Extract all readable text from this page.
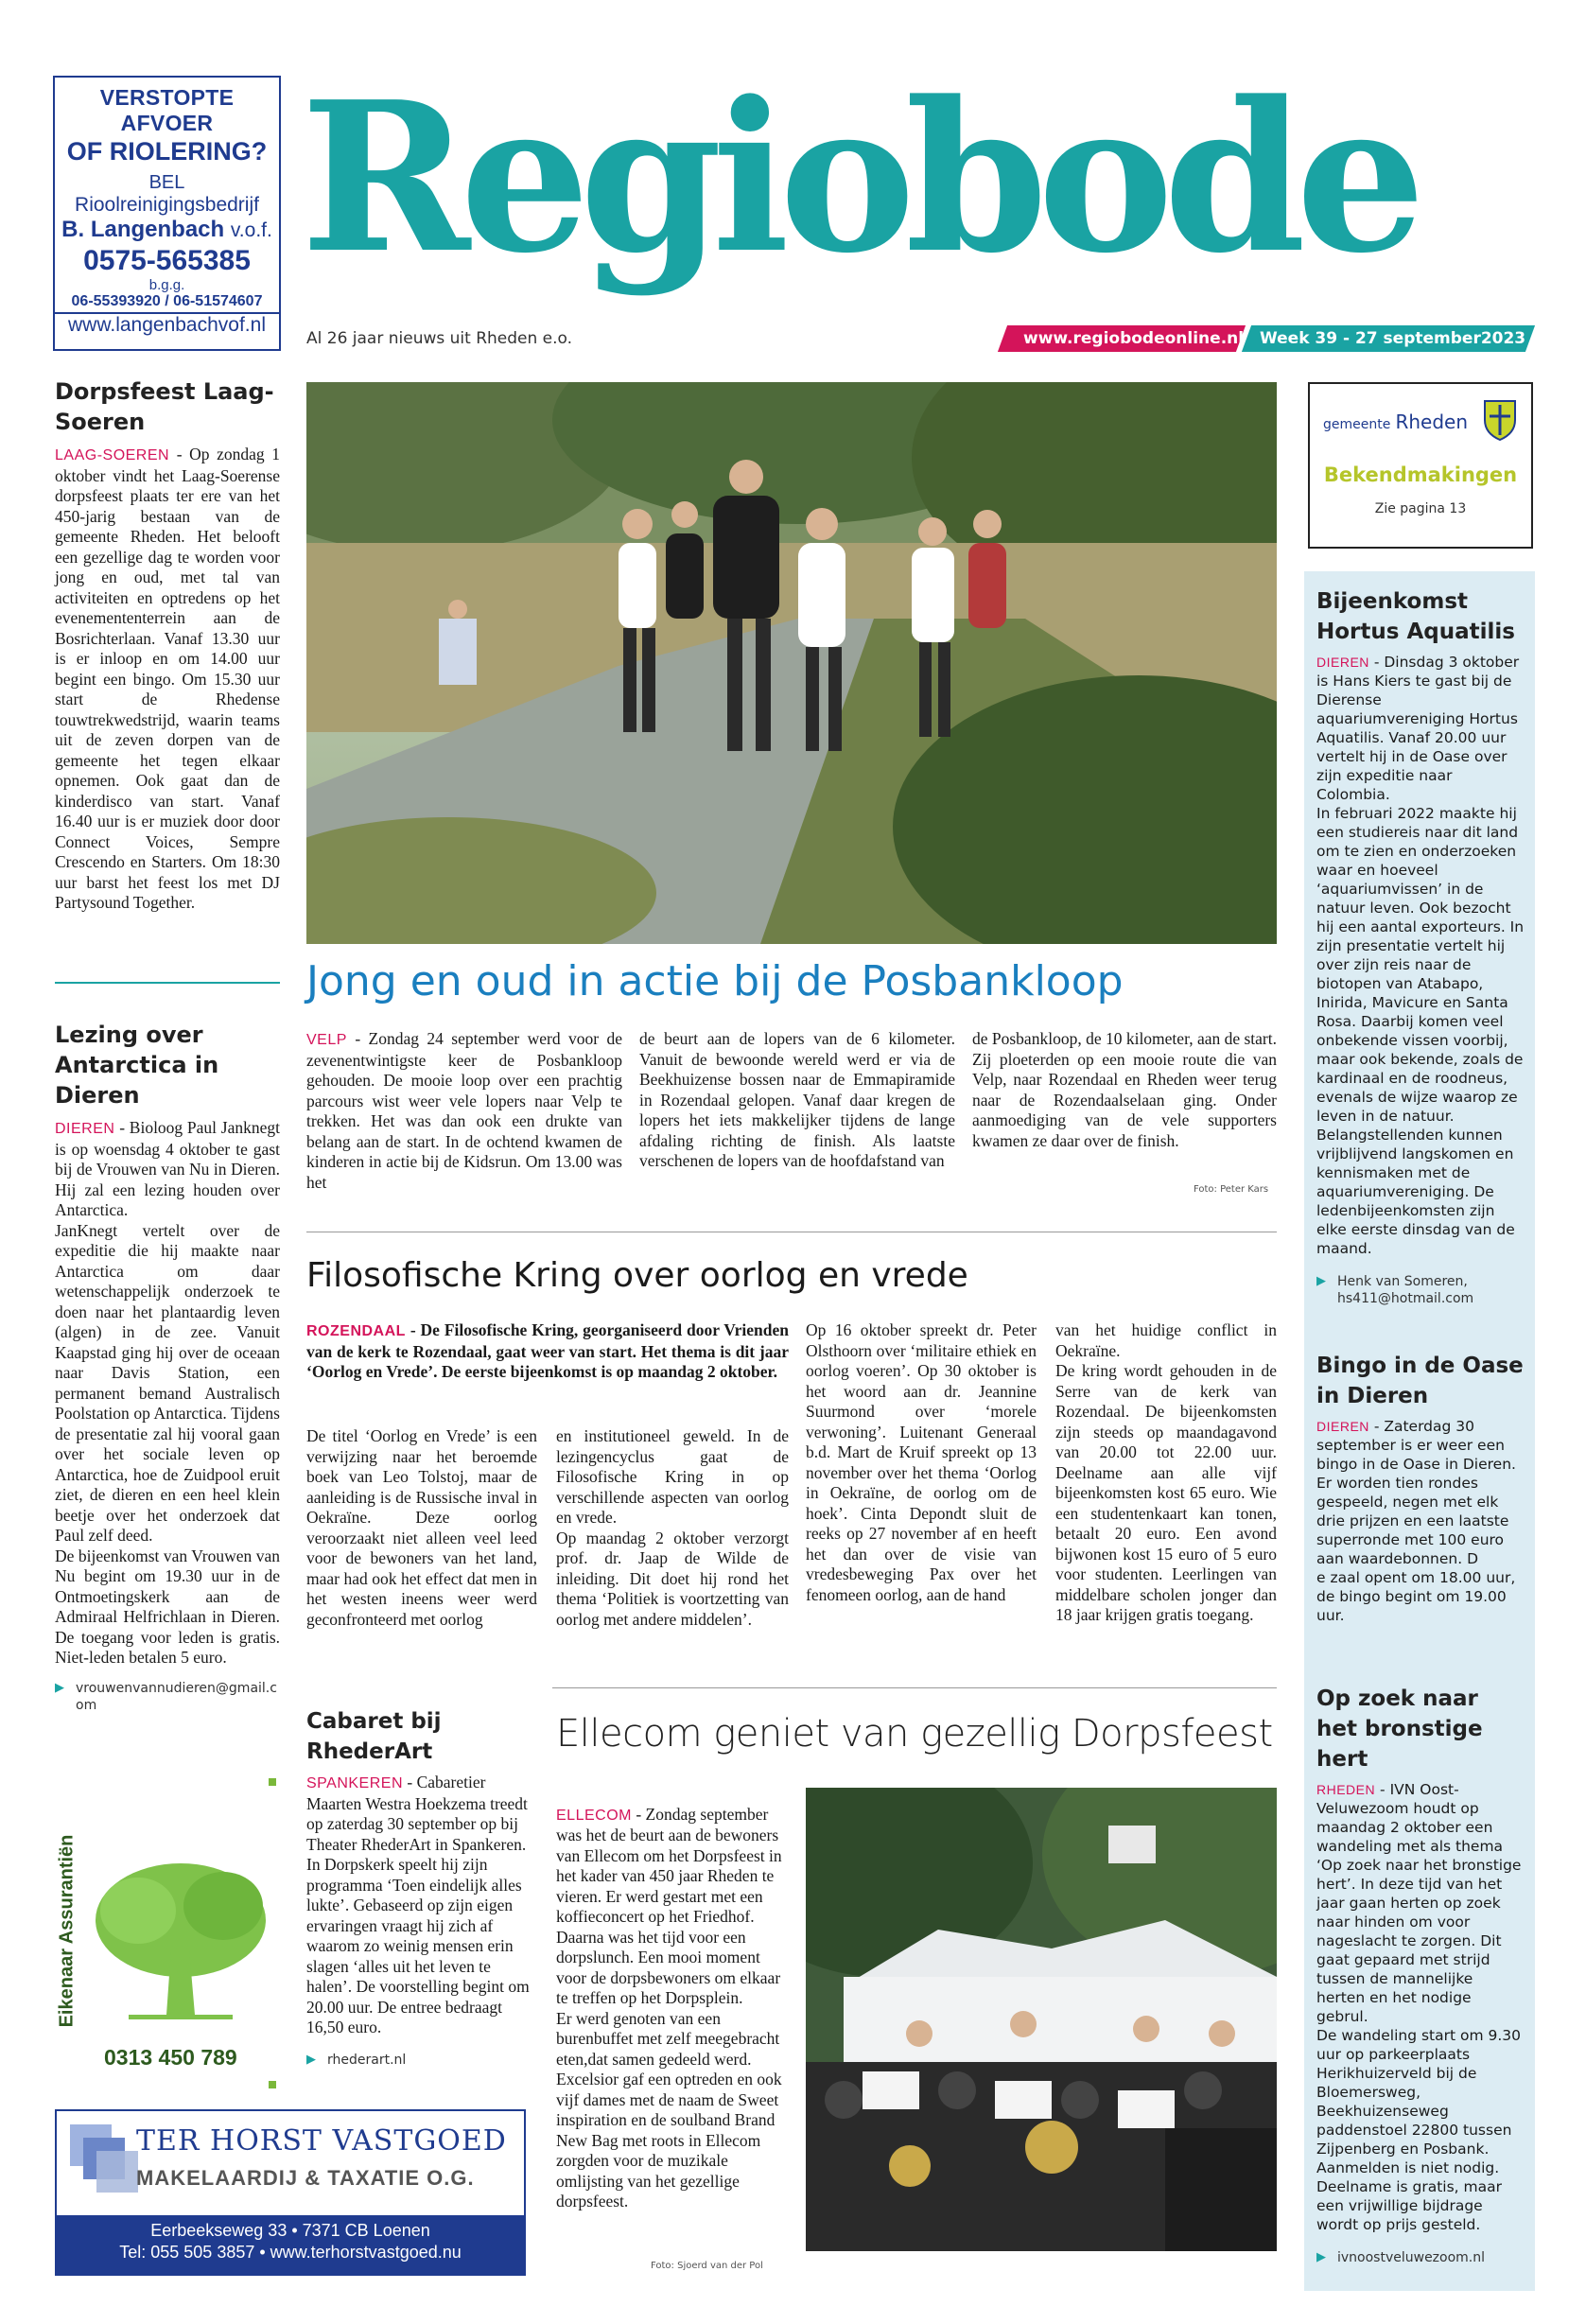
VERSTOPTE AFVOER
OF RIOLERING?
BEL
Rioolreinigingsbedrijf
B. Langenbach v.o.f.
0575-565385
b.g.g.
06-55393920 / 06-51574607
www.langenbachvof.nl
Regiobode
Al 26 jaar nieuws uit Rheden e.o.	www.regiobodeonline.nl Week 39 - 27 september2023
gemeente Rheden
Bekendmakingen
Zie pagina 13
Dorpsfeest Laag-Soeren
LAAG-SOEREN - Op zondag 1 oktober vindt het Laag-Soerense dorpsfeest plaats ter ere van het 450-jarig bestaan van de gemeente Rheden. Het belooft een gezellige dag te worden voor jong en oud, met tal van activiteiten en optredens op het evenemententerrein aan de Bosrichterlaan. Vanaf 13.30 uur is er inloop en om 14.00 uur begint een bingo. Om 15.30 uur start de Rhedense touwtrekwedstrijd, waarin teams uit de zeven dorpen van de gemeente het tegen elkaar opnemen. Ook gaat dan de kinderdisco van start. Vanaf 16.40 uur is er muziek door door Connect Voices, Sempre Crescendo en Starters. Om 18:30 uur barst het feest los met DJ Partysound Together.
Lezing over Antarctica in Dieren

DIEREN - Bioloog Paul Janknegt is op woensdag 4 oktober te gast bij de Vrouwen van Nu in Dieren. Hij zal een lezing houden over Antarctica.

JanKnegt vertelt over de expeditie die hij maakte naar Antarctica om daar wetenschappelijk onderzoek te doen naar het plantaardig leven (algen) in de zee. Vanuit Kaapstad ging hij over de oceaan naar Davis Station, een permanent bemand Australisch Poolstation op Antarctica. Tijdens de presentatie zal hij vooral gaan over het sociale leven op Antarctica, hoe de Zuidpool eruit ziet, de dieren en een heel klein beetje over het onderzoek dat Paul zelf deed.

De bijeenkomst van Vrouwen van Nu begint om 19.30 uur in de Ontmoetingskerk aan de Admiraal Helfrichlaan in Dieren. De toegang voor leden is gratis. Niet-leden betalen 5 euro.

▶ vrouwenvannudieren@gmail.com
Eikenaar Assurantiën
0313 450 789
TER HORST VASTGOED
MAKELAARDIJ & TAXATIE O.G.
Eerbeekseweg 33 • 7371 CB Loenen
Tel: 055 505 3857 • www.terhorstvastgoed.nu
Jong en oud in actie bij de Posbankloop
VELP - Zondag 24 september werd voor de zevenentwintigste keer de Posbankloop gehouden. De mooie loop over een prachtig parcours wist weer vele lopers naar Velp te trekken. Het was dan ook een drukte van belang aan de start. In de ochtend kwamen de kinderen in actie bij de Kidsrun. Om 13.00 was het
de beurt aan de lopers van de 6 kilometer. Vanuit de bewoonde wereld werd er via de Beekhuizense bossen naar de Emmapiramide in Rozendaal gelopen. Vanaf daar kregen de lopers het iets makkelijker tijdens de lange afdaling richting de finish. Als laatste verschenen de lopers van de hoofdafstand van
de Posbankloop, de 10 kilometer, aan de start. Zij ploeterden op een mooie route die van Velp, naar Rozendaal en Rheden weer terug naar de Rozendaalselaan ging. Onder aanmoediging van de vele supporters kwamen ze daar over de finish.
Foto: Peter Kars
Filosofische Kring over oorlog en vrede
ROZENDAAL - De Filosofische Kring, georganiseerd door Vrienden van de kerk te Rozendaal, gaat weer van start. Het thema is dit jaar ‘Oorlog en Vrede’. De eerste bijeenkomst is op maandag 2 oktober.
De titel ‘Oorlog en Vrede’ is een verwijzing naar het beroemde boek van Leo Tolstoj, maar de aanleiding is de Russische inval in Oekraïne. Deze oorlog veroorzaakt niet alleen veel leed voor de bewoners van het land, maar had ook het effect dat men in het westen ineens weer werd geconfronteerd met oorlog
en institutioneel geweld. In de lezingencyclus gaat de Filosofische Kring in op verschillende aspecten van oorlog en vrede.
Op maandag 2 oktober verzorgt prof. dr. Jaap de Wilde de inleiding. Dit doet hij rond het thema ‘Politiek is voortzetting van oorlog met andere middelen’.
Op 16 oktober spreekt dr. Peter Olsthoorn over ‘militaire ethiek en oorlog voeren’. Op 30 oktober is het woord aan dr. Jeannine Suurmond over ‘morele verwoning’. Luitenant Generaal b.d. Mart de Kruif spreekt op 13 november over het thema ‘Oorlog in Oekraïne, de oorlog om de hoek’. Cinta Depondt sluit de reeks op 27 november af en heeft het dan over de visie van vredesbeweging Pax over het fenomeen oorlog, aan de hand
van het huidige conflict in Oekraïne.
De kring wordt gehouden in de Serre van de kerk van Rozendaal. De bijeenkomsten zijn steeds op maandagavond van 20.00 tot 22.00 uur. Deelname aan alle vijf bijeenkomsten kost 65 euro. Wie een studentenkaart kan tonen, betaalt 20 euro. Een avond bijwonen kost 15 euro of 5 euro voor studenten. Leerlingen van middelbare scholen jonger dan 18 jaar krijgen gratis toegang.
Cabaret bij RhederArt
SPANKEREN - Cabaretier Maarten Westra Hoekzema treedt op zaterdag 30 september op bij Theater RhederArt in Spankeren. In Dorpskerk speelt hij zijn programma ‘Toen eindelijk alles lukte’. Gebaseerd op zijn eigen ervaringen vraagt hij zich af waarom zo weinig mensen erin slagen ‘alles uit het leven te halen’. De voorstelling begint om 20.00 uur. De entree bedraagt 16,50 euro.
▶ rhederart.nl
Ellecom geniet van gezellig Dorpsfeest

ELLECOM - Zondag september was het de beurt aan de bewoners van Ellecom om het Dorpsfeest in het kader van 450 jaar Rheden te vieren. Er werd gestart met een koffieconcert op het Friedhof. Daarna was het tijd voor een dorpslunch. Een mooi moment voor de dorpsbewoners om elkaar te treffen op het Dorpsplein.
Er werd genoten van een burenbuffet met zelf meegebracht eten,dat samen gedeeld werd. Excelsior gaf een optreden en ook vijf dames met de naam de Sweet inspiration en de soulband Brand New Bag met roots in Ellecom zorgden voor de muzikale omlijsting van het gezellige dorpsfeest.

Foto: Sjoerd van der Pol
Bijeenkomst Hortus Aquatilis

DIEREN - Dinsdag 3 oktober is Hans Kiers te gast bij de Dierense aquariumvereniging Hortus Aquatilis. Vanaf 20.00 uur vertelt hij in de Oase over zijn expeditie naar Colombia.

In februari 2022 maakte hij een studiereis naar dit land om te zien en onderzoeken waar en hoeveel ‘aquariumvissen’ in de natuur leven. Ook bezocht hij een aantal exporteurs. In zijn presentatie vertelt hij over zijn reis naar de biotopen van Atabapo, Inirida, Mavicure en Santa Rosa. Daarbij komen veel onbekende vissen voorbij, maar ook bekende, zoals de kardinaal en de roodneus, evenals de wijze waarop ze leven in de natuur.

Belangstellenden kunnen vrijblijvend langskomen en kennismaken met de aquariumvereniging. De ledenbijeenkomsten zijn elke eerste dinsdag van de maand.

▶ Henk van Someren, hs411@hotmail.com
Bingo in de Oase in Dieren
DIEREN - Zaterdag 30 september is er weer een bingo in de Oase in Dieren. Er worden tien rondes gespeeld, negen met elk drie prijzen en een laatste superronde met 100 euro aan waardebonnen. D
e zaal opent om 18.00 uur, de bingo begint om 19.00 uur.
Op zoek naar het bronstige hert

RHEDEN - IVN Oost-Veluwezoom houdt op maandag 2 oktober een wandeling met als thema ‘Op zoek naar het bronstige hert’. In deze tijd van het jaar gaan herten op zoek naar hinden om voor nageslacht te zorgen. Dit gaat gepaard met strijd tussen de mannelijke herten en het nodige gebrul.

De wandeling start om 9.30 uur op parkeerplaats Herikhuizerveld bij de Bloemersweg, Beekhuizenseweg paddenstoel 22800 tussen Zijpenberg en Posbank. Aanmelden is niet nodig. Deelname is gratis, maar een vrijwillige bijdrage wordt op prijs gesteld.

▶ ivnoostveluwezoom.nl
